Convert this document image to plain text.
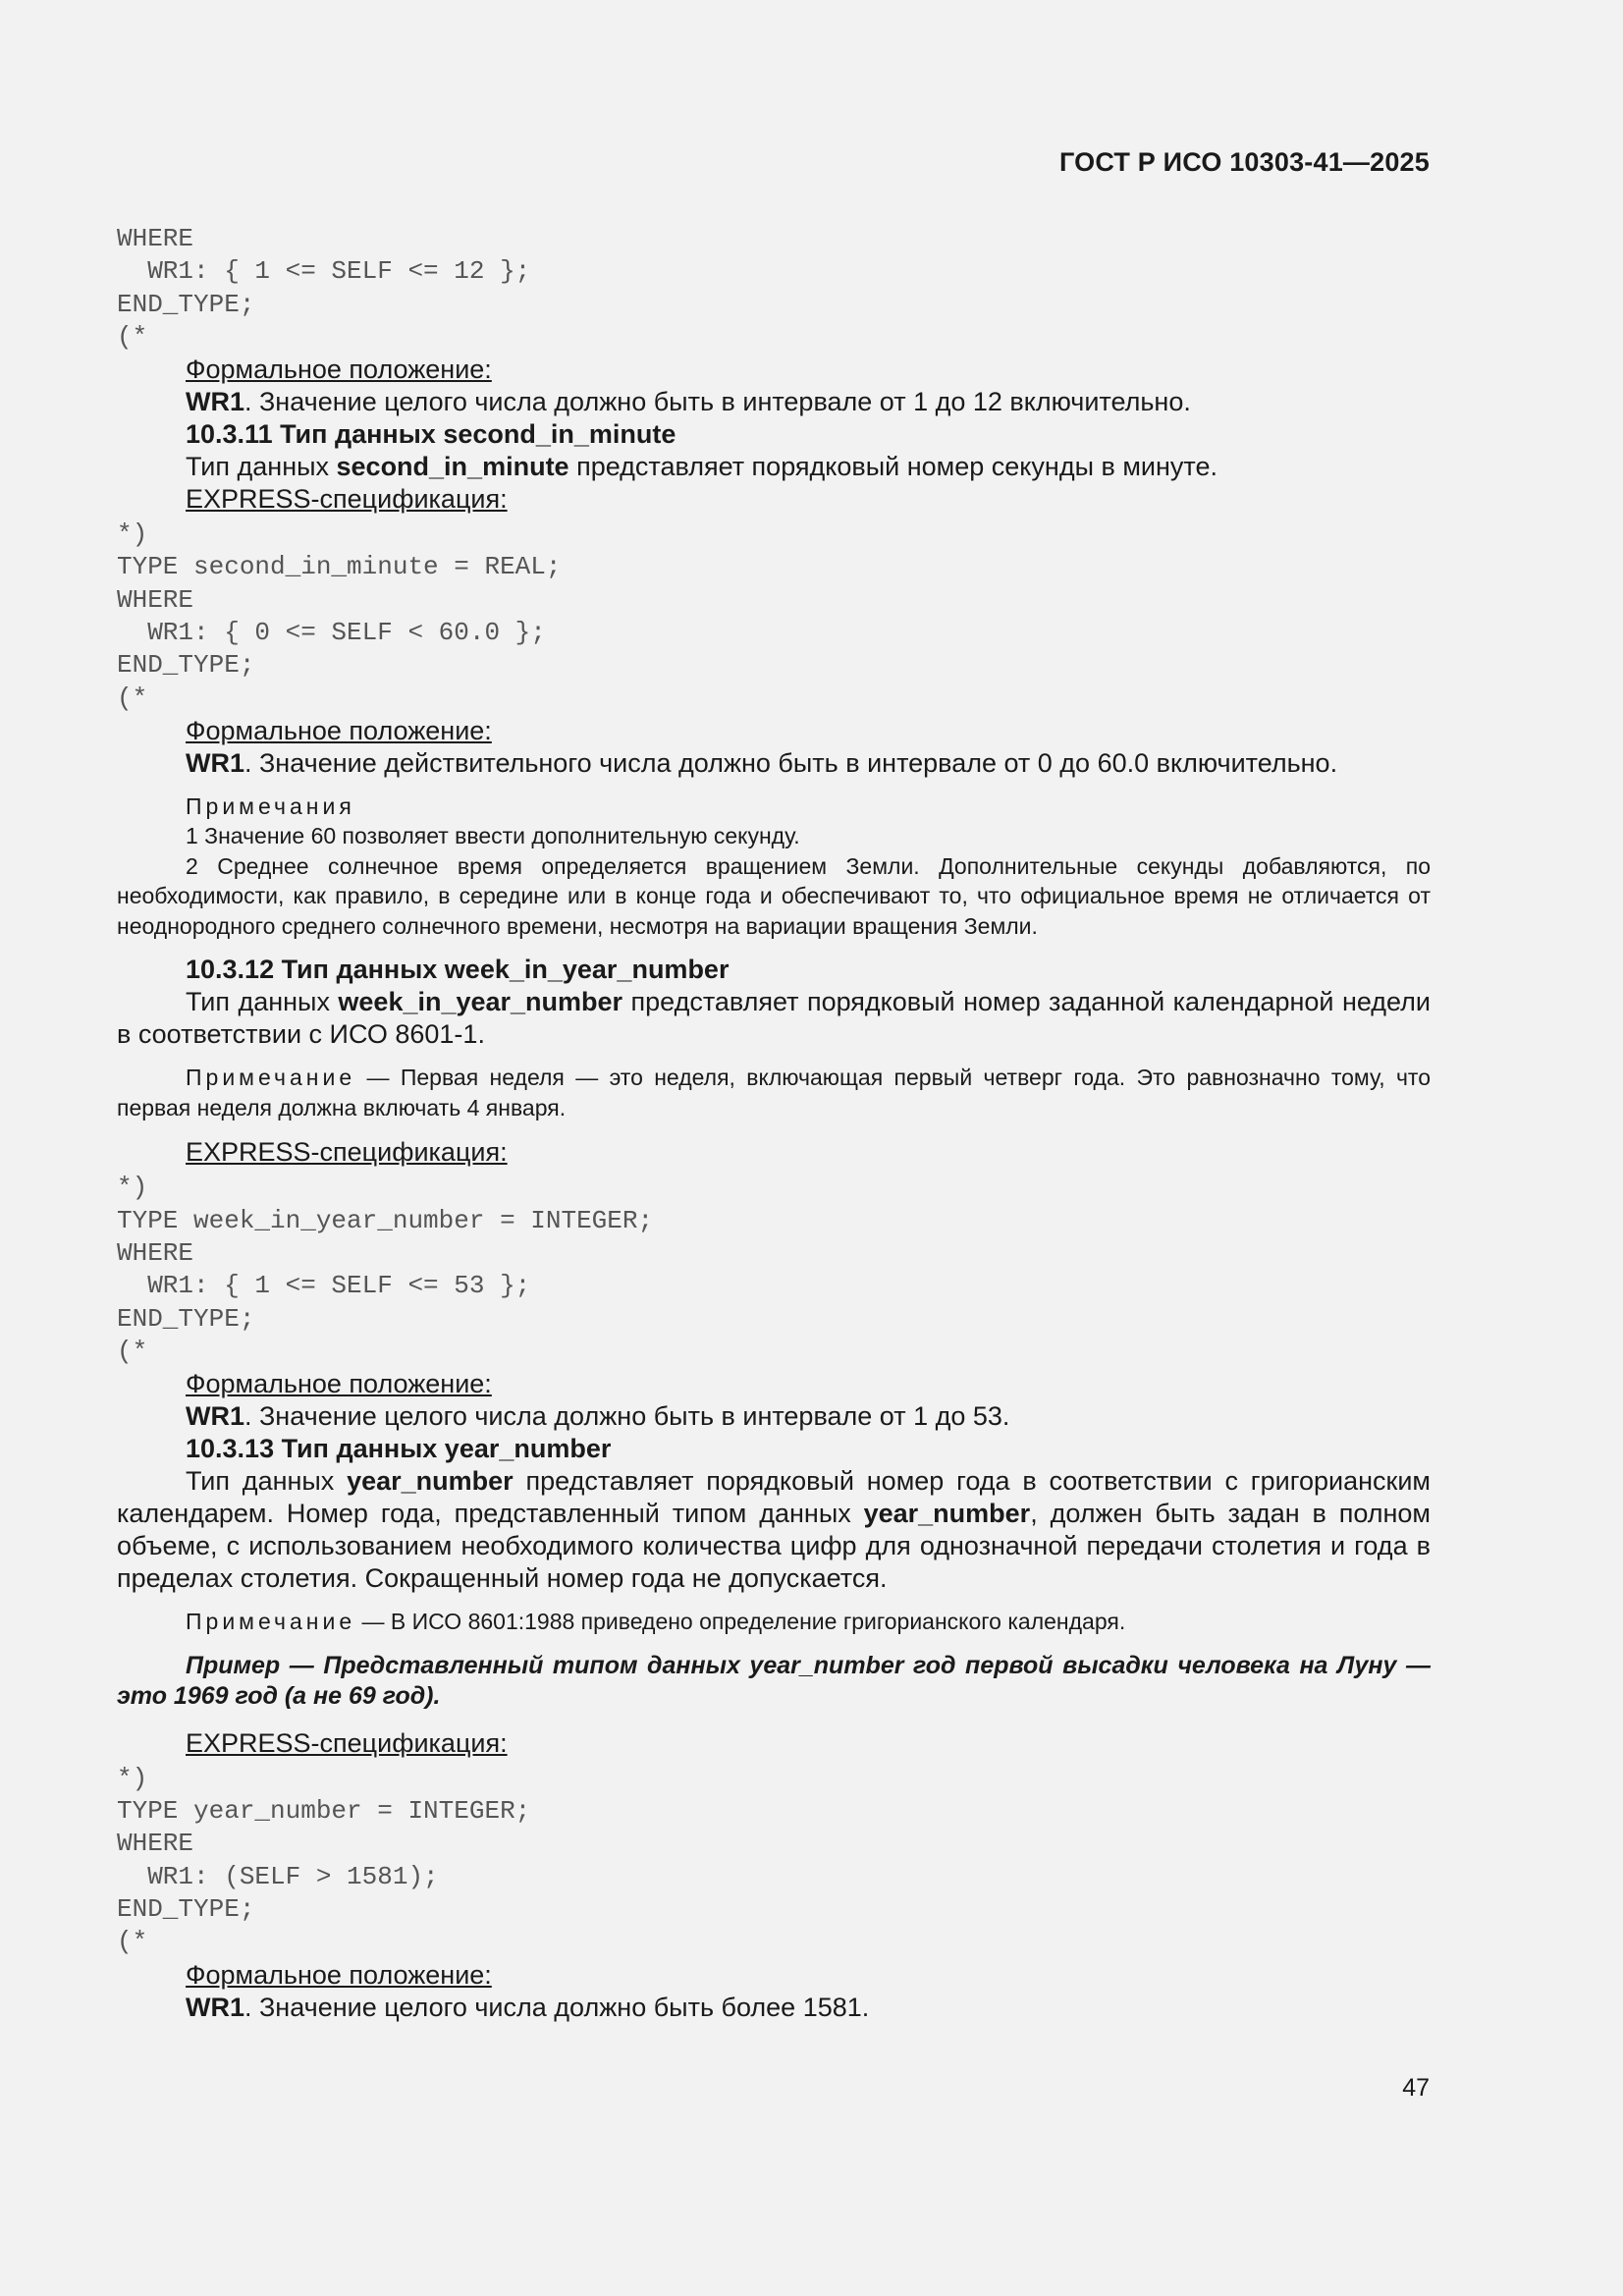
ГОСТ Р ИСО 10303-41—2025
WHERE
WR1: { 1 <= SELF <= 12 };
END_TYPE;
(*

Формальное положение:

WR1. Значение целого числа должно быть в интервале от 1 до 12 включительно.

10.3.11 Тип данных second_in_minute

Тип данных second_in_minute представляет порядковый номер секунды в минуте.

EXPRESS-спецификация:

*)
TYPE second_in_minute = REAL;
WHERE
WR1: { 0 <= SELF < 60.0 };
END_TYPE;
(*

Формальное положение:

WR1. Значение действительного числа должно быть в интервале от 0 до 60.0 включительно.

Примечания

1 Значение 60 позволяет ввести дополнительную секунду.

2 Среднее солнечное время определяется вращением Земли. Дополнительные секунды добавляются, по необходимости, как правило, в середине или в конце года и обеспечивают то, что официальное время не отличается от неоднородного среднего солнечного времени, несмотря на вариации вращения Земли.

10.3.12 Тип данных week_in_year_number

Тип данных week_in_year_number представляет порядковый номер заданной календарной недели в соответствии с ИСО 8601-1.

Примечание — Первая неделя — это неделя, включающая первый четверг года. Это равнозначно тому, что первая неделя должна включать 4 января.

EXPRESS-спецификация:

*)
TYPE week_in_year_number = INTEGER;
WHERE
WR1: { 1 <= SELF <= 53 };
END_TYPE;
(*

Формальное положение:

WR1. Значение целого числа должно быть в интервале от 1 до 53.

10.3.13 Тип данных year_number

Тип данных year_number представляет порядковый номер года в соответствии с григорианским календарем. Номер года, представленный типом данных year_number, должен быть задан в полном объеме, с использованием необходимого количества цифр для однозначной передачи столетия и года в пределах столетия. Сокращенный номер года не допускается.

Примечание — В ИСО 8601:1988 приведено определение григорианского календаря.

Пример — Представленный типом данных year_number год первой высадки человека на Луну — это 1969 год (а не 69 год).

EXPRESS-спецификация:

*)
TYPE year_number = INTEGER;
WHERE
WR1: (SELF > 1581);
END_TYPE;
(*

Формальное положение:

WR1. Значение целого числа должно быть более 1581.

47
